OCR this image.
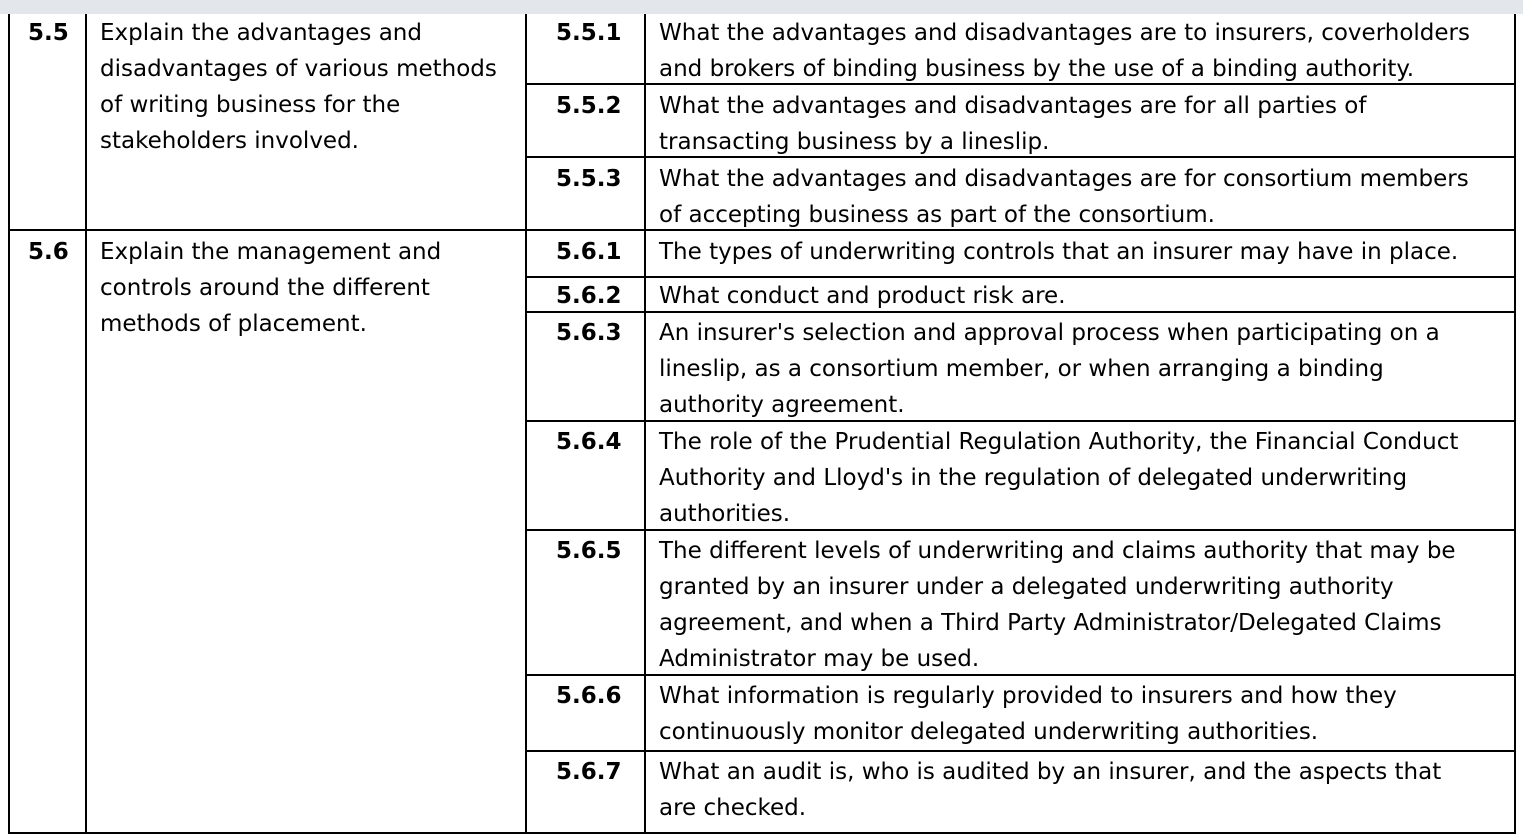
5.5 Explain the advantages and
disadvantages of various methods
of writing business for the
stakeholders involved.
5.5.1 What the advantages and disadvantages are to insurers, coverholders
and brokers of binding business by the use of a binding authority.
5.5.2 What the advantages and disadvantages are for all parties of
transacting business by a lineslip.
5.5.3 What the advantages and disadvantages are for consortium members
of accepting business as part of the consortium.
5.6 Explain the management and
controls around the different
methods of placement.
5.6.1 The types of underwriting controls that an insurer may have in place.
5.6.2 What conduct and product risk are.
5.6.3 An insurer's selection and approval process when participating on a
lineslip, as a consortium member, or when arranging a binding
authority agreement.
5.6.4 The role of the Prudential Regulation Authority, the Financial Conduct
Authority and Lloyd's in the regulation of delegated underwriting
authorities.
5.6.5 The different levels of underwriting and claims authority that may be
granted by an insurer under a delegated underwriting authority
agreement, and when a Third Party Administrator/Delegated Claims
Administrator may be used.
5.6.6 What information is regularly provided to insurers and how they
continuously monitor delegated underwriting authorities.
5.6.7 What an audit is, who is audited by an insurer, and the aspects that
are checked.
